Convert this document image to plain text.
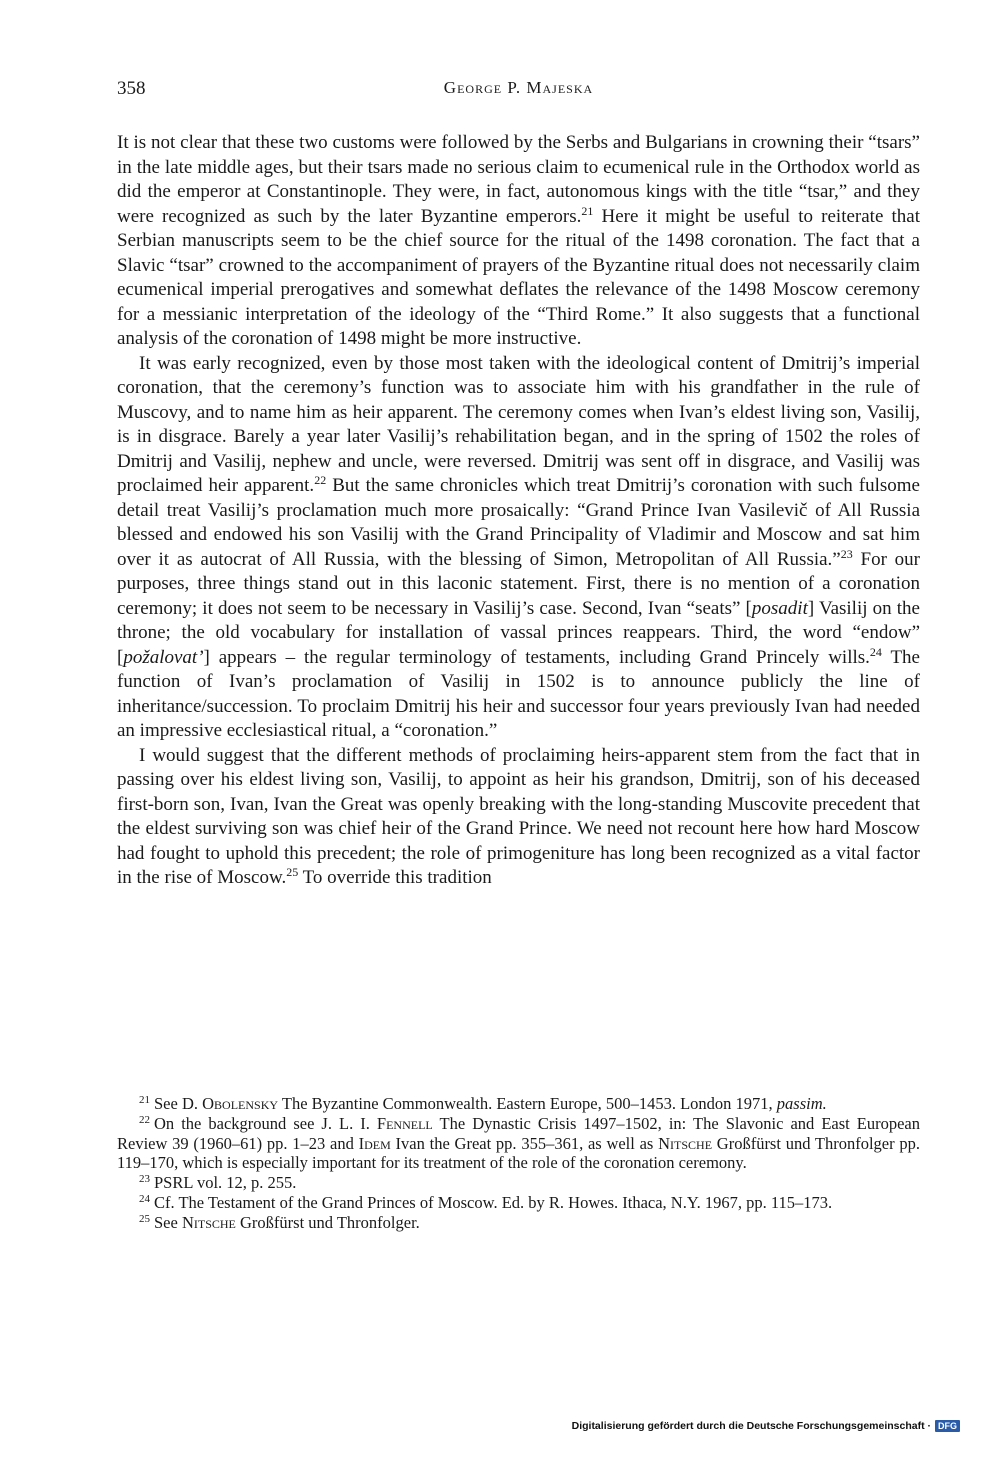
358	George P. Majeska

It is not clear that these two customs were followed by the Serbs and Bulgarians in crowning their “tsars” in the late middle ages, but their tsars made no serious claim to ecumenical rule in the Orthodox world as did the emperor at Constantinople. They were, in fact, autonomous kings with the title “tsar,” and they were recognized as such by the later Byzantine emperors.$^{21}$ Here it might be useful to reiterate that Serbian manuscripts seem to be the chief source for the ritual of the 1498 coronation. The fact that a Slavic “tsar” crowned to the accompaniment of prayers of the Byzantine ritual does not necessarily claim ecumenical imperial prerogatives and somewhat deflates the relevance of the 1498 Moscow ceremony for a messianic interpretation of the ideology of the “Third Rome.” It also suggests that a functional analysis of the coronation of 1498 might be more instructive.

It was early recognized, even by those most taken with the ideological content of Dmitrij’s imperial coronation, that the ceremony’s function was to associate him with his grandfather in the rule of Muscovy, and to name him as heir apparent. The ceremony comes when Ivan’s eldest living son, Vasilij, is in disgrace. Barely a year later Vasilij’s rehabilitation began, and in the spring of 1502 the roles of Dmitrij and Vasilij, nephew and uncle, were reversed. Dmitrij was sent off in disgrace, and Vasilij was proclaimed heir apparent.$^{22}$ But the same chronicles which treat Dmitrij’s coronation with such fulsome detail treat Vasilij’s proclamation much more prosaically: “Grand Prince Ivan Vasilevič of All Russia blessed and endowed his son Vasilij with the Grand Principality of Vladimir and Moscow and sat him over it as autocrat of All Russia, with the blessing of Simon, Metropolitan of All Russia.”$^{23}$ For our purposes, three things stand out in this laconic statement. First, there is no mention of a coronation ceremony; it does not seem to be necessary in Vasilij’s case. Second, Ivan “seats” [posadit] Vasilij on the throne; the old vocabulary for installation of vassal princes reappears. Third, the word “endow” [požalovat’] appears – the regular terminology of testaments, including Grand Princely wills.$^{24}$ The function of Ivan’s proclamation of Vasilij in 1502 is to announce publicly the line of inheritance/succession. To proclaim Dmitrij his heir and successor four years previously Ivan had needed an impressive ecclesiastical ritual, a “coronation.”

I would suggest that the different methods of proclaiming heirs-apparent stem from the fact that in passing over his eldest living son, Vasilij, to appoint as heir his grandson, Dmitrij, son of his deceased first-born son, Ivan, Ivan the Great was openly breaking with the long-standing Muscovite precedent that the eldest surviving son was chief heir of the Grand Prince. We need not recount here how hard Moscow had fought to uphold this precedent; the role of primogeniture has long been recognized as a vital factor in the rise of Moscow.$^{25}$ To override this tradition

$^{21}$ See D. Obolensky The Byzantine Commonwealth. Eastern Europe, 500–1453. London 1971, passim.

$^{22}$ On the background see J. L. I. Fennell The Dynastic Crisis 1497–1502, in: The Slavonic and East European Review 39 (1960–61) pp. 1–23 and Idem Ivan the Great pp. 355–361, as well as Nitsche Großfürst und Thronfolger pp. 119–170, which is especially important for its treatment of the role of the coronation ceremony.

$^{23}$ PSRL vol. 12, p. 255.

$^{24}$ Cf. The Testament of the Grand Princes of Moscow. Ed. by R. Howes. Ithaca, N.Y. 1967, pp. 115–173.

$^{25}$ See Nitsche Großfürst und Thronfolger.

Digitalisierung gefördert durch die Deutsche Forschungsgemeinschaft · DFG
